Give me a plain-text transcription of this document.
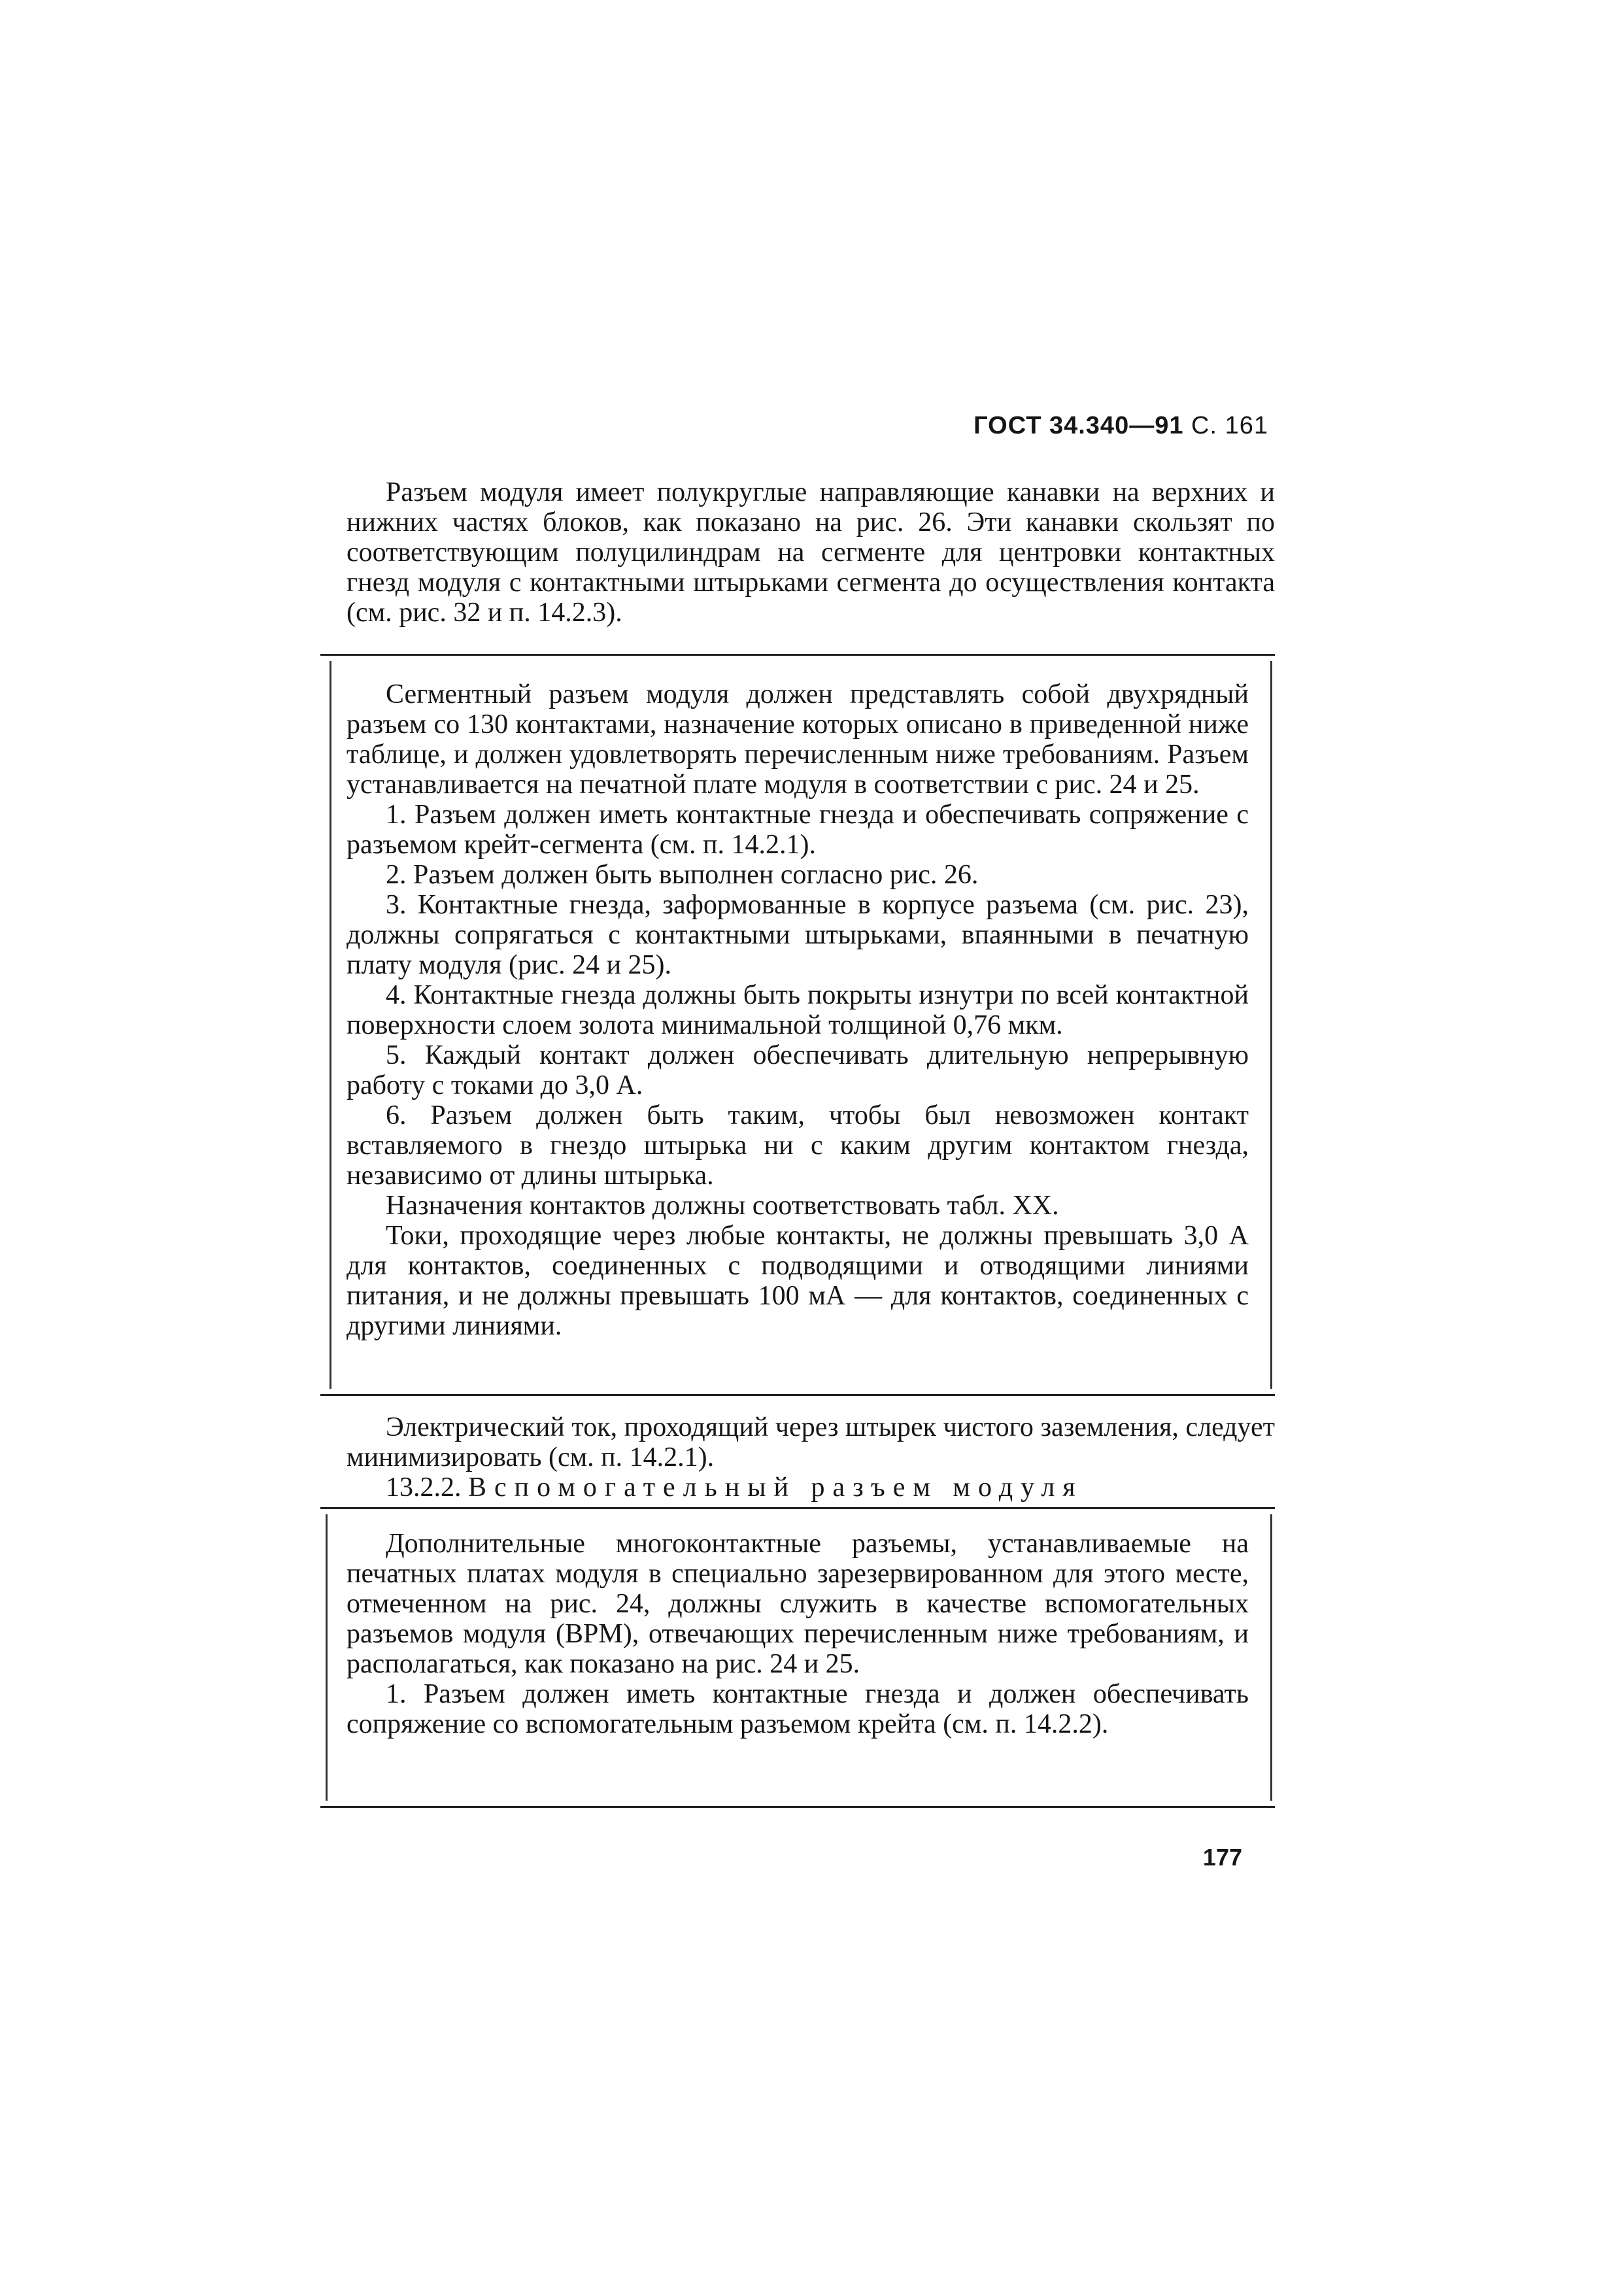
ГОСТ 34.340—91 С. 161

Разъем модуля имеет полукруглые направляющие канавки на верхних и нижних частях блоков, как показано на рис. 26. Эти канавки скользят по соответствующим полуцилиндрам на сегменте для центровки контактных гнезд модуля с контактными штырьками сегмента до осуществления контакта (см. рис. 32 и п. 14.2.3).

Сегментный разъем модуля должен представлять собой двухрядный разъем со 130 контактами, назначение которых описано в приведенной ниже таблице, и должен удовлетворять перечисленным ниже требованиям. Разъем устанавливается на печатной плате модуля в соответствии с рис. 24 и 25.

1. Разъем должен иметь контактные гнезда и обеспечивать сопряжение с разъемом крейт-сегмента (см. п. 14.2.1).

2. Разъем должен быть выполнен согласно рис. 26.

3. Контактные гнезда, заформованные в корпусе разъема (см. рис. 23), должны сопрягаться с контактными штырьками, впаянными в печатную плату модуля (рис. 24 и 25).

4. Контактные гнезда должны быть покрыты изнутри по всей контактной поверхности слоем золота минимальной толщиной 0,76 мкм.

5. Каждый контакт должен обеспечивать длительную непрерывную работу с токами до 3,0 А.

6. Разъем должен быть таким, чтобы был невозможен контакт вставляемого в гнездо штырька ни с каким другим контактом гнезда, независимо от длины штырька.

Назначения контактов должны соответствовать табл. XX.

Токи, проходящие через любые контакты, не должны превышать 3,0 А для контактов, соединенных с подводящими и отводящими линиями питания, и не должны превышать 100 мА — для контактов, соединенных с другими линиями.

Электрический ток, проходящий через штырек чистого заземления, следует минимизировать (см. п. 14.2.1).

13.2.2. Вспомогательный разъем модуля

Дополнительные многоконтактные разъемы, устанавливаемые на печатных платах модуля в специально зарезервированном для этого месте, отмеченном на рис. 24, должны служить в качестве вспомогательных разъемов модуля (ВРМ), отвечающих перечисленным ниже требованиям, и располагаться, как показано на рис. 24 и 25.

1. Разъем должен иметь контактные гнезда и должен обеспечивать сопряжение со вспомогательным разъемом крейта (см. п. 14.2.2).

177
